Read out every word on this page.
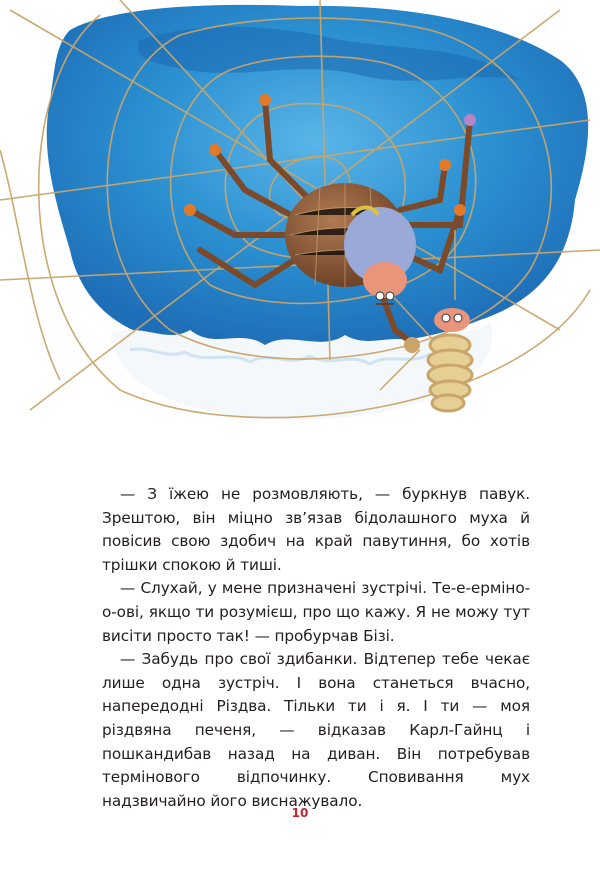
— З їжею не розмовляють, — буркнув павук. Зрештою, він міцно зв’язав бідолашного муха й повісив свою здобич на край павутиння, бо хотів трішки спокою й тиші.

— Слухай, у мене призначені зустрічі. Те-е-ерміно-о-ові, якщо ти розумієш, про що кажу. Я не можу тут висіти просто так! — пробурчав Бізі.

— Забудь про свої здибанки. Відтепер тебе чекає лише одна зустріч. І вона станеться вчасно, напередодні Різдва. Тільки ти і я. І ти — моя різдвяна печеня, — відказав Карл-Гайнц і пошкандибав назад на диван. Він потребував термінового відпочинку. Сповивання мух надзвичайно його виснажувало.

10
